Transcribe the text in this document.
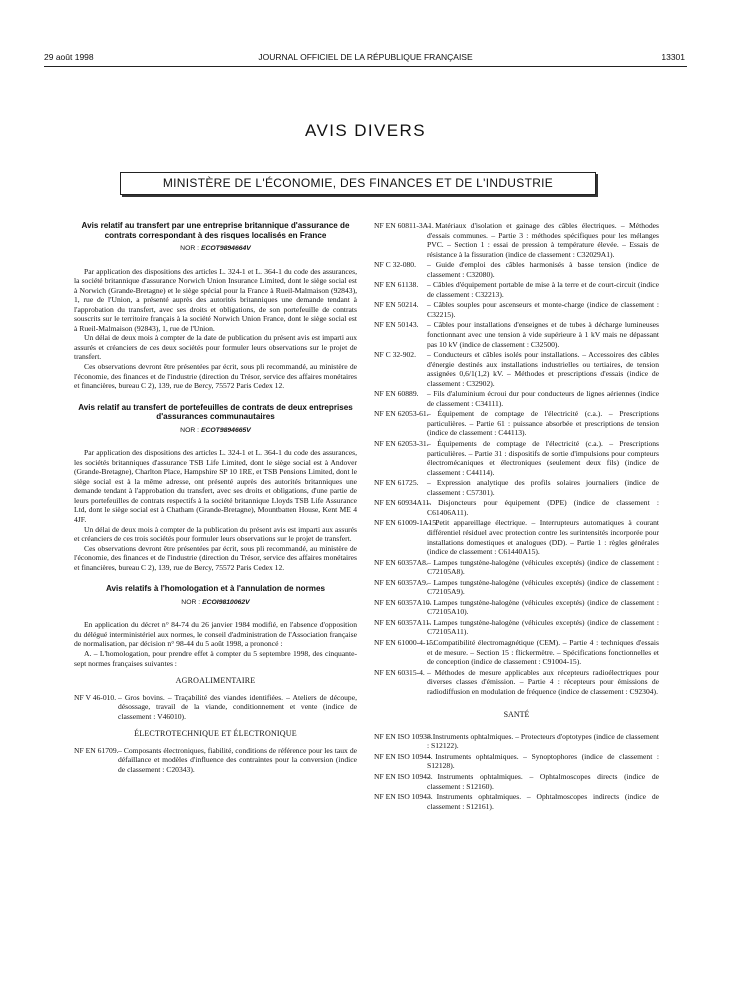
29 août 1998	JOURNAL OFFICIEL DE LA RÉPUBLIQUE FRANÇAISE	13301
AVIS DIVERS
MINISTÈRE DE L'ÉCONOMIE, DES FINANCES ET DE L'INDUSTRIE
Avis relatif au transfert par une entreprise britannique d'assurance de contrats correspondant à des risques localisés en France
NOR : ECOT9894664V

Par application des dispositions des articles L. 324-1 et L. 364-1 du code des assurances, la société britannique d'assurance Norwich Union Insurance Limited, dont le siège social est à Norwich (Grande-Bretagne) et le siège spécial pour la France à Rueil-Malmaison (92843), 1, rue de l'Union, a présenté auprès des autorités britanniques une demande tendant à l'approbation du transfert, avec ses droits et obligations, de son portefeuille de contrats souscrits sur le territoire français à la société Norwich Union France, dont le siège social est à Rueil-Malmaison (92843), 1, rue de l'Union.

Un délai de deux mois à compter de la date de publication du présent avis est imparti aux assurés et créanciers de ces deux sociétés pour formuler leurs observations sur le projet de transfert.

Ces observations devront être présentées par écrit, sous pli recommandé, au ministère de l'économie, des finances et de l'industrie (direction du Trésor, service des affaires monétaires et financières, bureau C 2), 139, rue de Bercy, 75572 Paris Cedex 12.

Avis relatif au transfert de portefeuilles de contrats de deux entreprises d'assurances communautaires
NOR : ECOT9894665V

Par application des dispositions des articles L. 324-1 et L. 364-1 du code des assurances, les sociétés britanniques d'assurance TSB Life Limited, dont le siège social est à Andover (Grande-Bretagne), Charlton Place, Hampshire SP 10 1RE, et TSB Pensions Limited, dont le siège social est à la même adresse, ont présenté auprès des autorités britanniques une demande tendant à l'approbation du transfert, avec ses droits et obligations, d'une partie de leurs portefeuilles de contrats respectifs à la société britannique Lloyds TSB Life Assurance Ltd, dont le siège social est à Chatham (Grande-Bretagne), Mountbatten House, Kent ME 4 4JF.

Un délai de deux mois à compter de la publication du présent avis est imparti aux assurés et créanciers de ces trois sociétés pour formuler leurs observations sur le projet de transfert.

Ces observations devront être présentées par écrit, sous pli recommandé, au ministère de l'économie, des finances et de l'industrie (direction du Trésor, service des affaires monétaires et financières, bureau C 2), 139, rue de Bercy, 75572 Paris Cedex 12.

Avis relatifs à l'homologation et à l'annulation de normes
NOR : ECOI9810062V

En application du décret n° 84-74 du 26 janvier 1984 modifié, en l'absence d'opposition du délégué interministériel aux normes, le conseil d'administration de l'Association française de normalisation, par décision n° 98-44 du 5 août 1998, a prononcé :

A. – L'homologation, pour prendre effet à compter du 5 septembre 1998, des cinquante-sept normes françaises suivantes :

AGROALIMENTAIRE
NF V 46-010. – Gros bovins. – Traçabilité des viandes identifiées. – Ateliers de découpe, désossage, travail de la viande, conditionnement et vente (indice de classement : V46010).
ÉLECTROTECHNIQUE ET ÉLECTRONIQUE
NF EN 61709. – Composants électroniques, fiabilité, conditions de référence pour les taux de défaillance et modèles d'influence des contraintes pour la conversion (indice de classement : C20343).
NF EN 60811-3A1.
– Matériaux d'isolation et gainage des câbles électriques. – Méthodes d'essais communes. – Partie 3 : méthodes spécifiques pour les mélanges PVC. – Section 1 : essai de pression à température élevée. – Essais de résistance à la fissuration (indice de classement : C32029A1).
NF C 32-080. – Guide d'emploi des câbles harmonisés à basse tension (indice de classement : C32080).
NF EN 61138. – Câbles d'équipement portable de mise à la terre et de court-circuit (indice de classement : C32213).
NF EN 50214. – Câbles souples pour ascenseurs et monte-charge (indice de classement : C32215).
NF EN 50143. – Câbles pour installations d'enseignes et de tubes à décharge lumineuses fonctionnant avec une tension à vide supérieure à 1 kV mais ne dépassant pas 10 kV (indice de classement : C32500).
NF C 32-902. – Conducteurs et câbles isolés pour installations. – Accessoires des câbles d'énergie destinés aux installations industrielles ou tertiaires, de tension assignées 0,6/1(1,2) kV. – Méthodes et prescriptions d'essais (indice de classement : C32902).
NF EN 60889. – Fils d'aluminium écroui dur pour conducteurs de lignes aériennes (indice de classement : C34111).
NF EN 62053-61.
– Équipement de comptage de l'électricité (c.a.). – Prescriptions particulières. – Partie 61 : puissance absorbée et prescriptions de tension (indice de classement : C44113).
NF EN 62053-31.
– Équipements de comptage de l'électricité (c.a.). – Prescriptions particulières. – Partie 31 : dispositifs de sortie d'impulsions pour compteurs électromécaniques et électroniques (seulement deux fils) (indice de classement : C44114).
NF EN 61725. – Expression analytique des profils solaires journaliers (indice de classement : C57301).
NF EN 60934A11.
– Disjoncteurs pour équipement (DPE) (indice de classement : C61406A11).
NF EN 61009-1A15.
– Petit appareillage électrique. – Interrupteurs automatiques à courant différentiel résiduel avec protection contre les surintensités incorporée pour installations domestiques et analogues (DD). – Partie 1 : règles générales (indice de classement : C61440A15).
NF EN 60357A8. – Lampes tungstène-halogène (véhicules exceptés) (indice de classement : C72105A8).
NF EN 60357A9. – Lampes tungstène-halogène (véhicules exceptés) (indice de classement : C72105A9).
NF EN 60357A10.
– Lampes tungstène-halogène (véhicules exceptés) (indice de classement : C72105A10).
NF EN 60357A11.
– Lampes tungstène-halogène (véhicules exceptés) (indice de classement : C72105A11).
NF EN 61000-4-15.
– Compatibilité électromagnétique (CEM). – Partie 4 : techniques d'essais et de mesure. – Section 15 : flickermètre. – Spécifications fonctionnelles et de conception (indice de classement : C91004-15).
NF EN 60315-4. – Méthodes de mesure applicables aux récepteurs radioélectriques pour diverses classes d'émission. – Partie 4 : récepteurs pour émissions de radiodiffusion en modulation de fréquence (indice de classement : C92304).
SANTÉ
NF EN ISO 10938.
– Instruments ophtalmiques. – Protecteurs d'optotypes (indice de classement : S12122).
NF EN ISO 10944.
– Instruments ophtalmiques. – Synoptophores (indice de classement : S12128).
NF EN ISO 10942.
– Instruments ophtalmiques. – Ophtalmoscopes directs (indice de classement : S12160).
NF EN ISO 10943.
– Instruments ophtalmiques. – Ophtalmoscopes indirects (indice de classement : S12161).
